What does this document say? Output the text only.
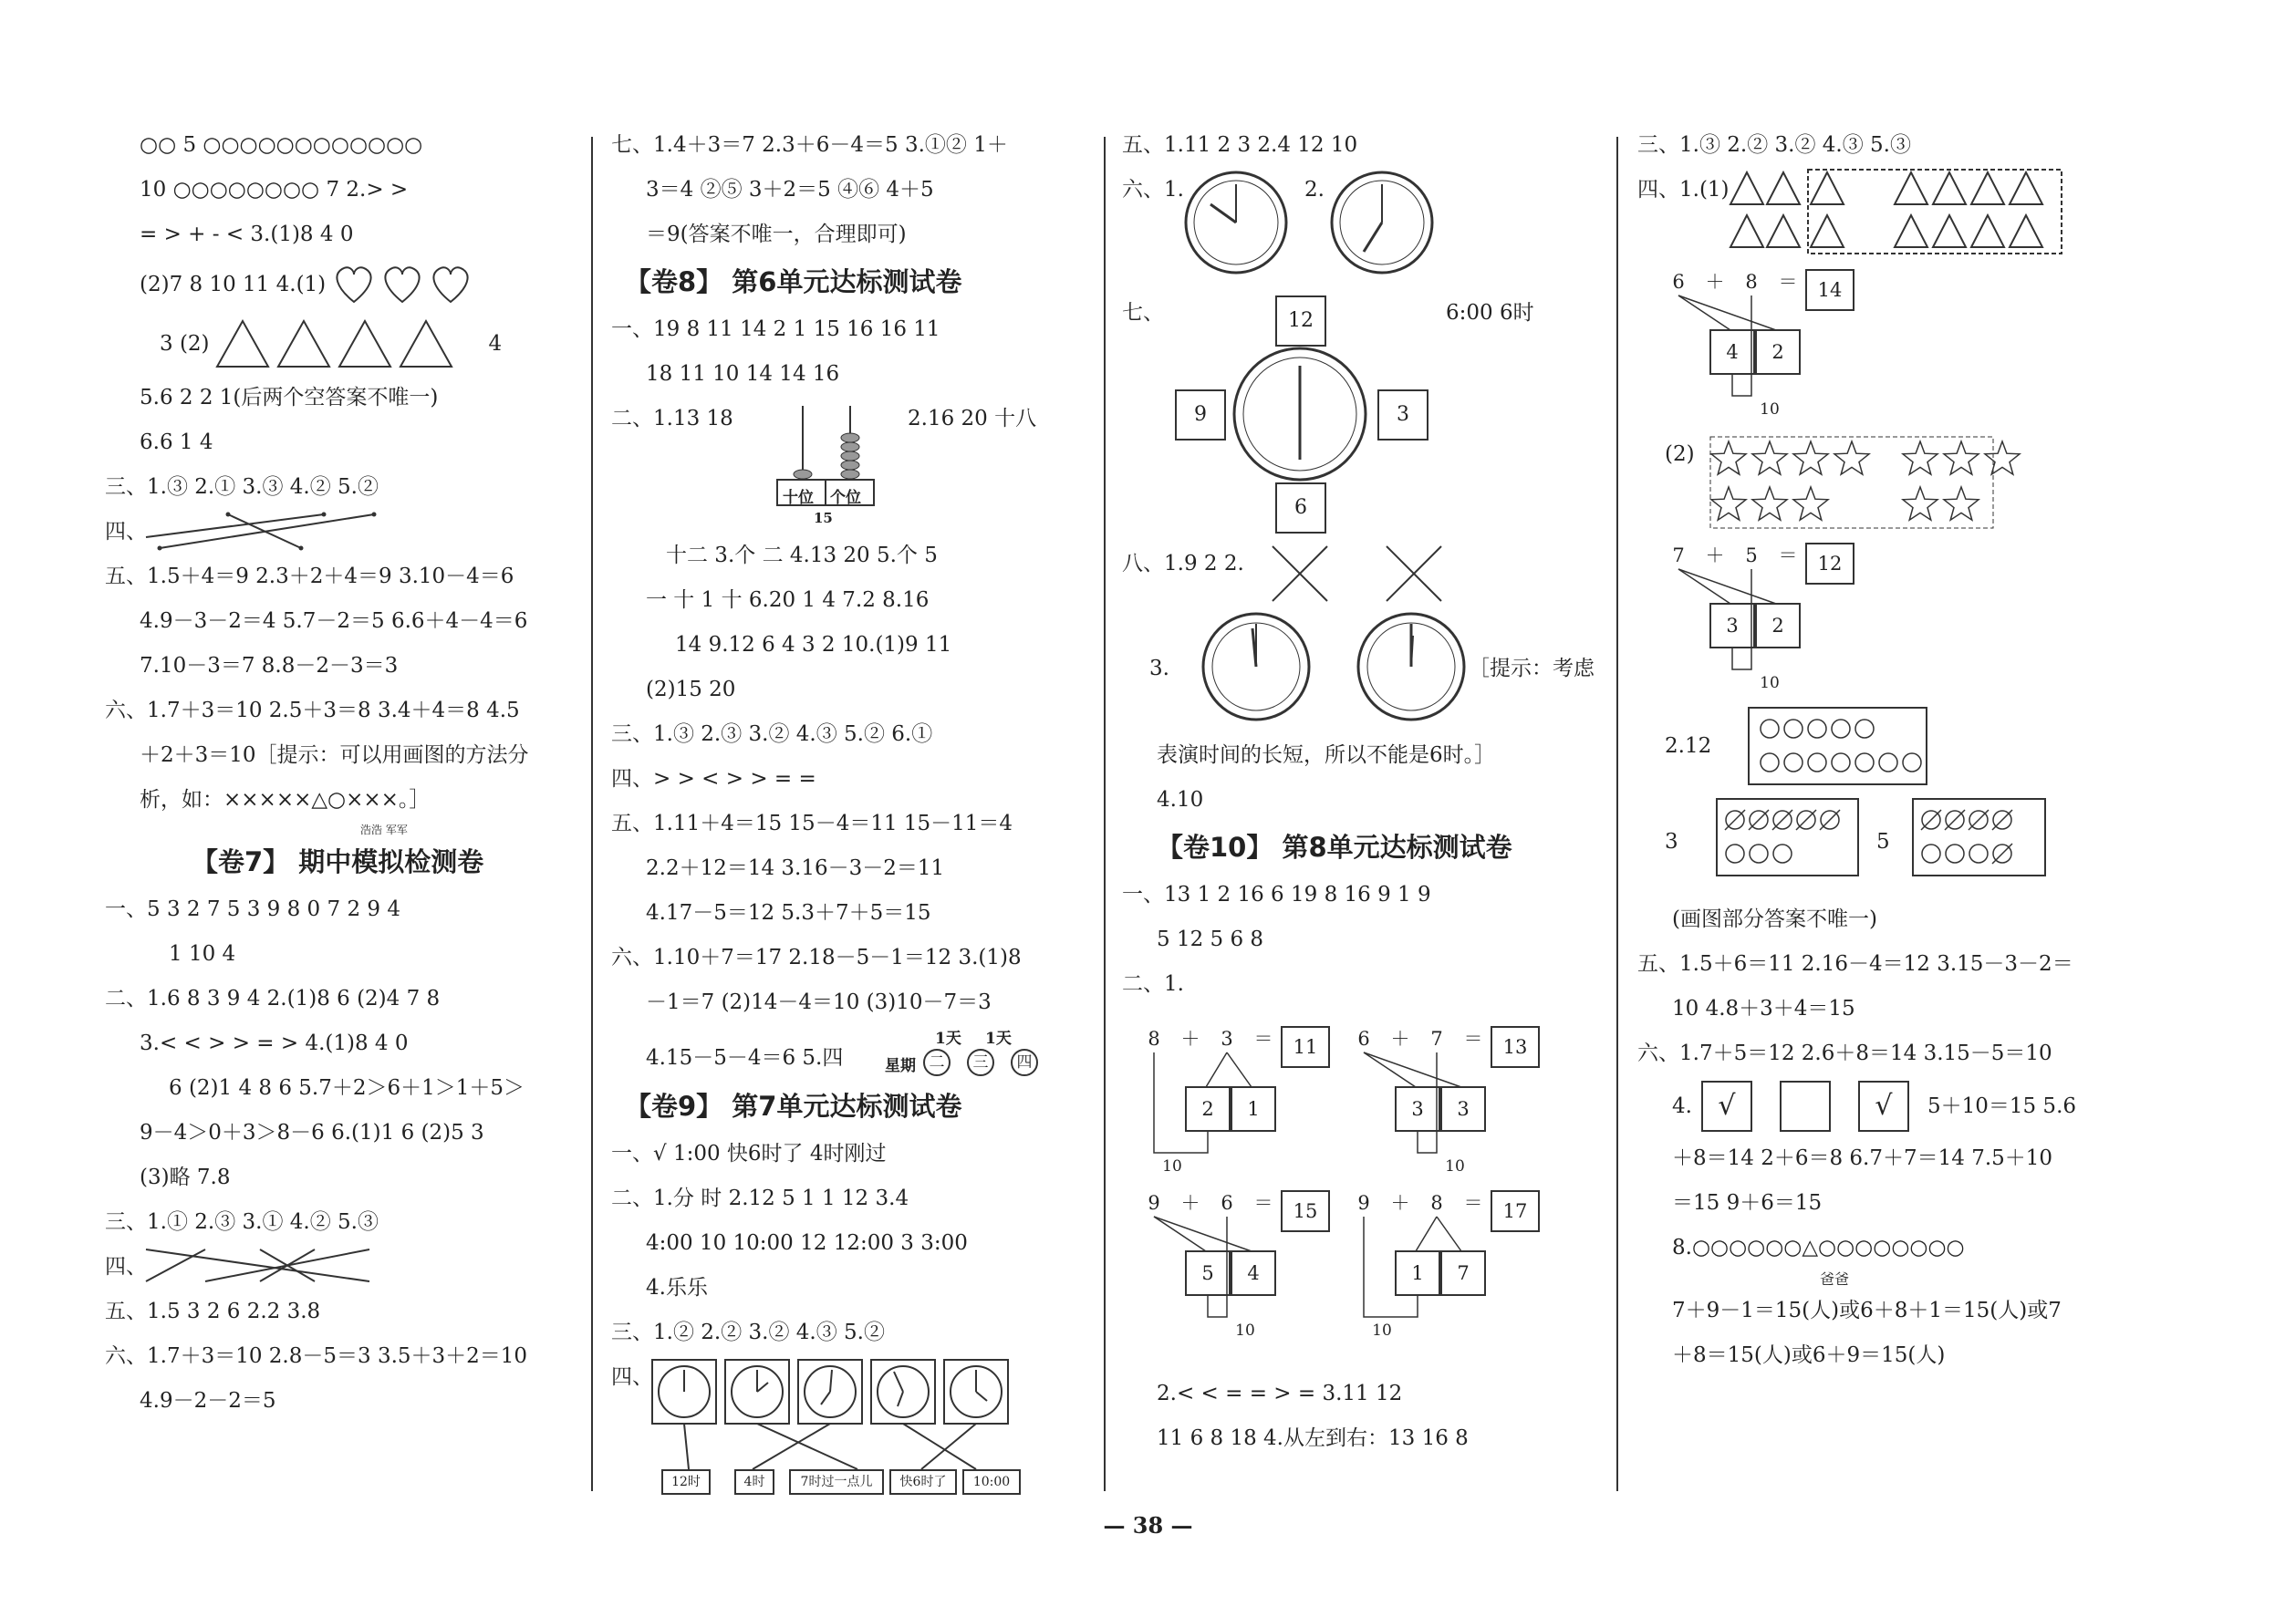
○○ 5 ○○○○○○○○○○○○
10 ○○○○○○○○ 7 2.> >
= > + - < 3.(1)8 4 0
(2)7 8 10 11 4.(1)
3 (2)	4
5.6 2 2 1(后两个空答案不唯一)
6.6 1 4
三、1.③ 2.① 3.③ 4.② 5.②
四、
五、1.5＋4＝9 2.3＋2＋4＝9 3.10－4＝6
4.9－3－2＝4 5.7－2＝5 6.6＋4－4＝6
7.10－3＝7 8.8－2－3＝3
六、1.7＋3＝10 2.5＋3＝8 3.4＋4＝8 4.5
＋2＋3＝10［提示：可以用画图的方法分
析，如：×××××△○×××。］
浩浩 军军
【卷7】 期中模拟检测卷
一、5 3 2 7 5 3 9 8 0 7 2 9 4
1 10 4
二、1.6 8 3 9 4 2.(1)8 6 (2)4 7 8
3.< < > > = > 4.(1)8 4 0
6 (2)1 4 8 6 5.7＋2＞6＋1＞1＋5＞
9－4＞0＋3＞8－6 6.(1)1 6 (2)5 3
(3)略 7.8
三、1.① 2.③ 3.① 4.② 5.③
四、
五、1.5 3 2 6 2.2 3.8
六、1.7＋3＝10 2.8－5＝3 3.5＋3＋2＝10
4.9－2－2＝5
七、1.4＋3＝7 2.3＋6－4＝5 3.①② 1＋
3＝4 ②⑤ 3＋2＝5 ④⑥ 4＋5
＝9(答案不唯一，合理即可)
【卷8】 第6单元达标测试卷
一、19 8 11 14 2 1 15 16 16 11
18 11 10 14 14 16
二、1.13 18
十位 个位
15
2.16 20 十八
十二 3.个 二 4.13 20 5.个 5
一 十 1 十 6.20 1 4 7.2 8.16
14 9.12 6 4 3 2 10.(1)9 11
(2)15 20
三、1.③ 2.③ 3.② 4.③ 5.② 6.①
四、> > < > > = =
五、1.11＋4＝15 15－4＝11 15－11＝4
2.2＋12＝14 3.16－3－2＝11
4.17－5＝12 5.3＋7＋5＝15
六、1.10＋7＝17 2.18－5－1＝12 3.(1)8
－1＝7 (2)14－4＝10 (3)10－7＝3
4.15－5－4＝6 5.四
1天 1天
星期 二	三	四
【卷9】 第7单元达标测试卷
一、√ 1:00 快6时了 4时刚过
二、1.分 时 2.12 5 1 1 12 3.4
4:00 10 10:00 12 12:00 3 3:00
4.乐乐
三、1.② 2.② 3.② 4.③ 5.②
四、
12时	4时	7时过一点儿	快6时了	10:00
五、1.11 2 3 2.4 12 10
六、1.	2.
七、	6:00 6时
12
9	3
6
八、1.9 2 2.
3.	［提示：考虑
表演时间的长短，所以不能是6时。］
4.10
【卷10】 第8单元达标测试卷
一、13 1 2 16 6 19 8 16 9 1 9
5 12 5 6 8
二、1.
8 ＋ 3 ＝ 11
2 1
10
6 ＋ 7 ＝ 13
3 3
10
9 ＋ 6 ＝ 15
5 4
10
9 ＋ 8 ＝ 17
1 7
10
2.< < = = > = 3.11 12
11 6 8 18 4.从左到右：13 16 8
三、1.③ 2.② 3.② 4.③ 5.③
四、1.(1)
6 ＋ 8 ＝ 14
4 2
10
(2)
7 ＋ 5 ＝ 12
3 2
10
2.12
3	5
(画图部分答案不唯一)
五、1.5＋6＝11 2.16－4＝12 3.15－3－2＝
10 4.8＋3＋4＝15
六、1.7＋5＝12 2.6＋8＝14 3.15－5＝10
4. √	√	5＋10＝15 5.6
＋8＝14 2＋6＝8 6.7＋7＝14 7.5＋10
＝15 9＋6＝15
8.○○○○○○△○○○○○○○○
爸爸
7＋9－1＝15(人)或6＋8＋1＝15(人)或7
＋8＝15(人)或6＋9＝15(人)
— 38 —
